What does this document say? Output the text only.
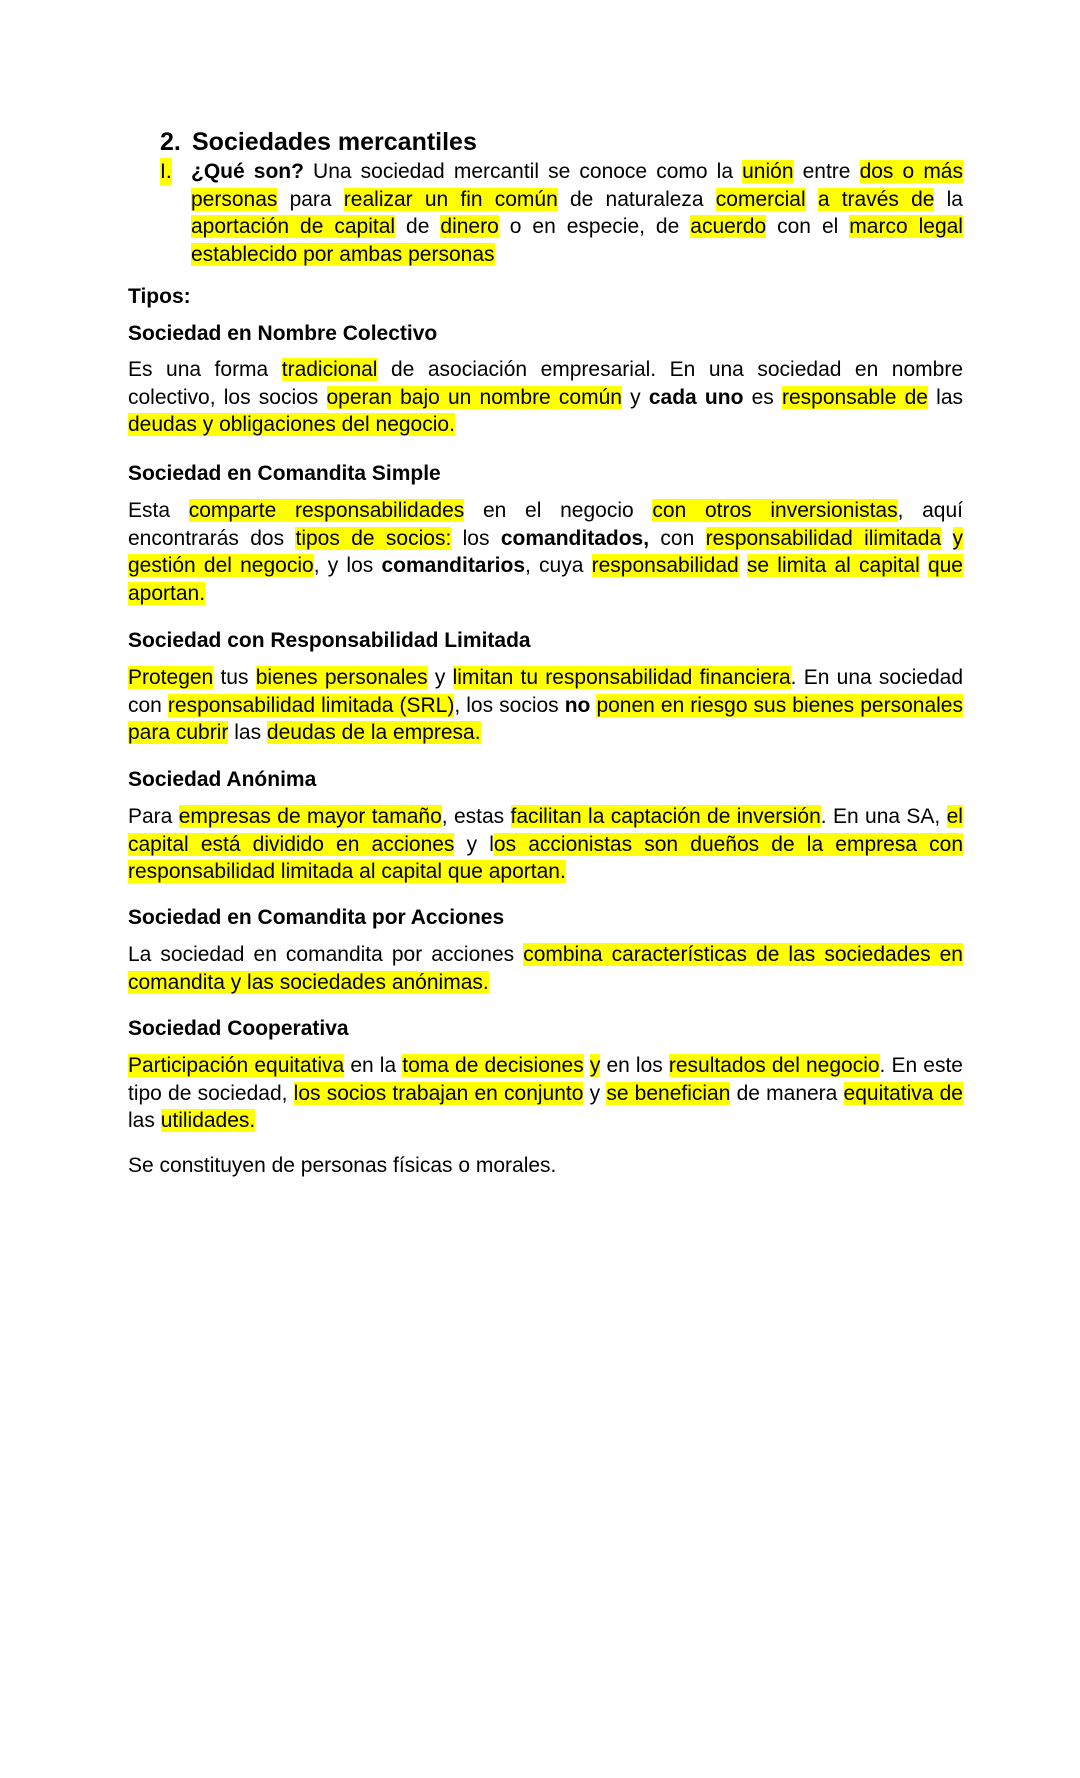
2. Sociedades mercantiles
I. ¿Qué son? Una sociedad mercantil se conoce como la unión entre dos o más personas para realizar un fin común de naturaleza comercial a través de la aportación de capital de dinero o en especie, de acuerdo con el marco legal establecido por ambas personas
Tipos:
Sociedad en Nombre Colectivo
Es una forma tradicional de asociación empresarial. En una sociedad en nombre colectivo, los socios operan bajo un nombre común y cada uno es responsable de las deudas y obligaciones del negocio.
Sociedad en Comandita Simple
Esta comparte responsabilidades en el negocio con otros inversionistas, aquí encontrarás dos tipos de socios: los comanditados, con responsabilidad ilimitada y gestión del negocio, y los comanditarios, cuya responsabilidad se limita al capital que aportan.
Sociedad con Responsabilidad Limitada
Protegen tus bienes personales y limitan tu responsabilidad financiera. En una sociedad con responsabilidad limitada (SRL), los socios no ponen en riesgo sus bienes personales para cubrir las deudas de la empresa.
Sociedad Anónima
Para empresas de mayor tamaño, estas facilitan la captación de inversión. En una SA, el capital está dividido en acciones y los accionistas son dueños de la empresa con responsabilidad limitada al capital que aportan.
Sociedad en Comandita por Acciones
La sociedad en comandita por acciones combina características de las sociedades en comandita y las sociedades anónimas.
Sociedad Cooperativa
Participación equitativa en la toma de decisiones y en los resultados del negocio. En este tipo de sociedad, los socios trabajan en conjunto y se benefician de manera equitativa de las utilidades.
Se constituyen de personas físicas o morales.
